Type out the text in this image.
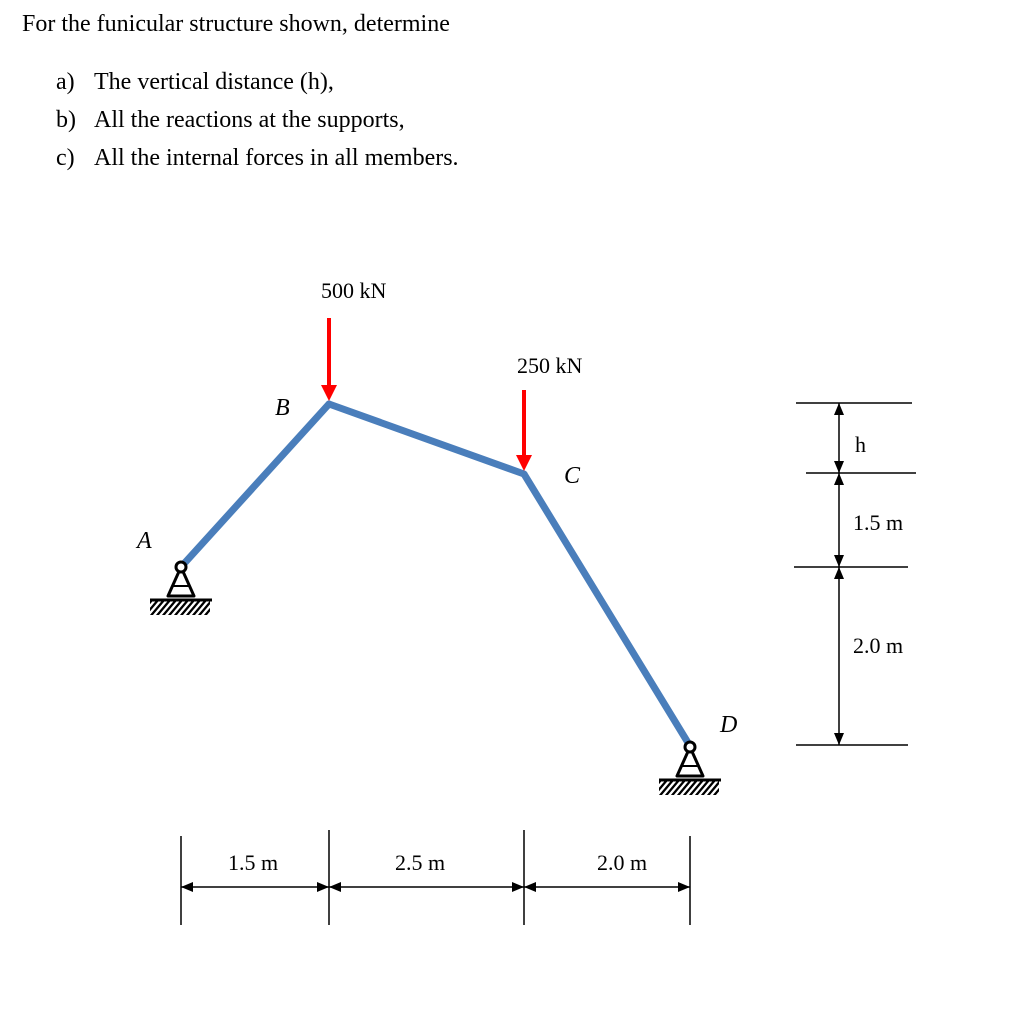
For the funicular structure shown, determine
a) The vertical distance (h),
b) All the reactions at the supports,
c) All the internal forces in all members.
500 kN
250 kN
A
B
C
D
1.5 m	2.5 m	2.0 m
h
1.5 m
2.0 m
